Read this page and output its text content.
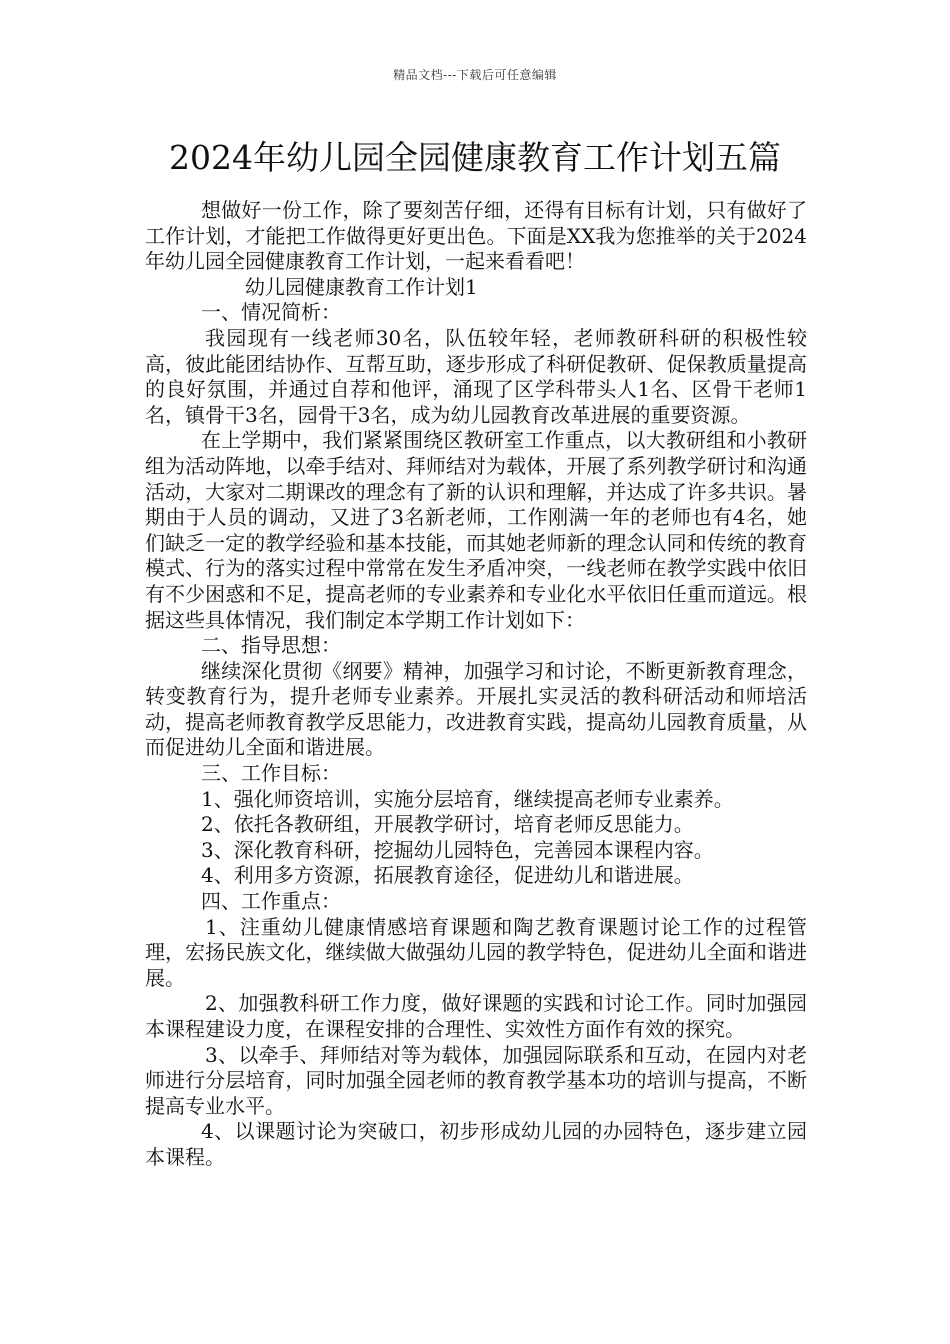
精品文档---下载后可任意编辑
2024年幼儿园全园健康教育工作计划五篇

想做好一份工作，除了要刻苦仔细，还得有目标有计划，只有做好了工作计划，才能把工作做得更好更出色。下面是XX我为您推举的关于2024年幼儿园全园健康教育工作计划，一起来看看吧！

幼儿园健康教育工作计划1

一、情况简析：

我园现有一线老师30名，队伍较年轻，老师教研科研的积极性较高，彼此能团结协作、互帮互助，逐步形成了科研促教研、促保教质量提高的良好氛围，并通过自荐和他评，涌现了区学科带头人1名、区骨干老师1名，镇骨干3名，园骨干3名，成为幼儿园教育改革进展的重要资源。

在上学期中，我们紧紧围绕区教研室工作重点，以大教研组和小教研组为活动阵地，以牵手结对、拜师结对为载体，开展了系列教学研讨和沟通活动，大家对二期课改的理念有了新的认识和理解，并达成了许多共识。暑期由于人员的调动，又进了3名新老师，工作刚满一年的老师也有4名，她们缺乏一定的教学经验和基本技能，而其她老师新的理念认同和传统的教育模式、行为的落实过程中常常在发生矛盾冲突，一线老师在教学实践中依旧有不少困惑和不足，提高老师的专业素养和专业化水平依旧任重而道远。根据这些具体情况，我们制定本学期工作计划如下：

二、指导思想：

继续深化贯彻《纲要》精神，加强学习和讨论，不断更新教育理念，转变教育行为，提升老师专业素养。开展扎实灵活的教科研活动和师培活动，提高老师教育教学反思能力，改进教育实践，提高幼儿园教育质量，从而促进幼儿全面和谐进展。

三、工作目标：

1、强化师资培训，实施分层培育，继续提高老师专业素养。

2、依托各教研组，开展教学研讨，培育老师反思能力。

3、深化教育科研，挖掘幼儿园特色，完善园本课程内容。

4、利用多方资源，拓展教育途径，促进幼儿和谐进展。

四、工作重点：

1、注重幼儿健康情感培育课题和陶艺教育课题讨论工作的过程管理，宏扬民族文化，继续做大做强幼儿园的教学特色，促进幼儿全面和谐进展。

2、加强教科研工作力度，做好课题的实践和讨论工作。同时加强园本课程建设力度，在课程安排的合理性、实效性方面作有效的探究。

3、以牵手、拜师结对等为载体，加强园际联系和互动，在园内对老师进行分层培育，同时加强全园老师的教育教学基本功的培训与提高，不断提高专业水平。

4、以课题讨论为突破口，初步形成幼儿园的办园特色，逐步建立园本课程。
